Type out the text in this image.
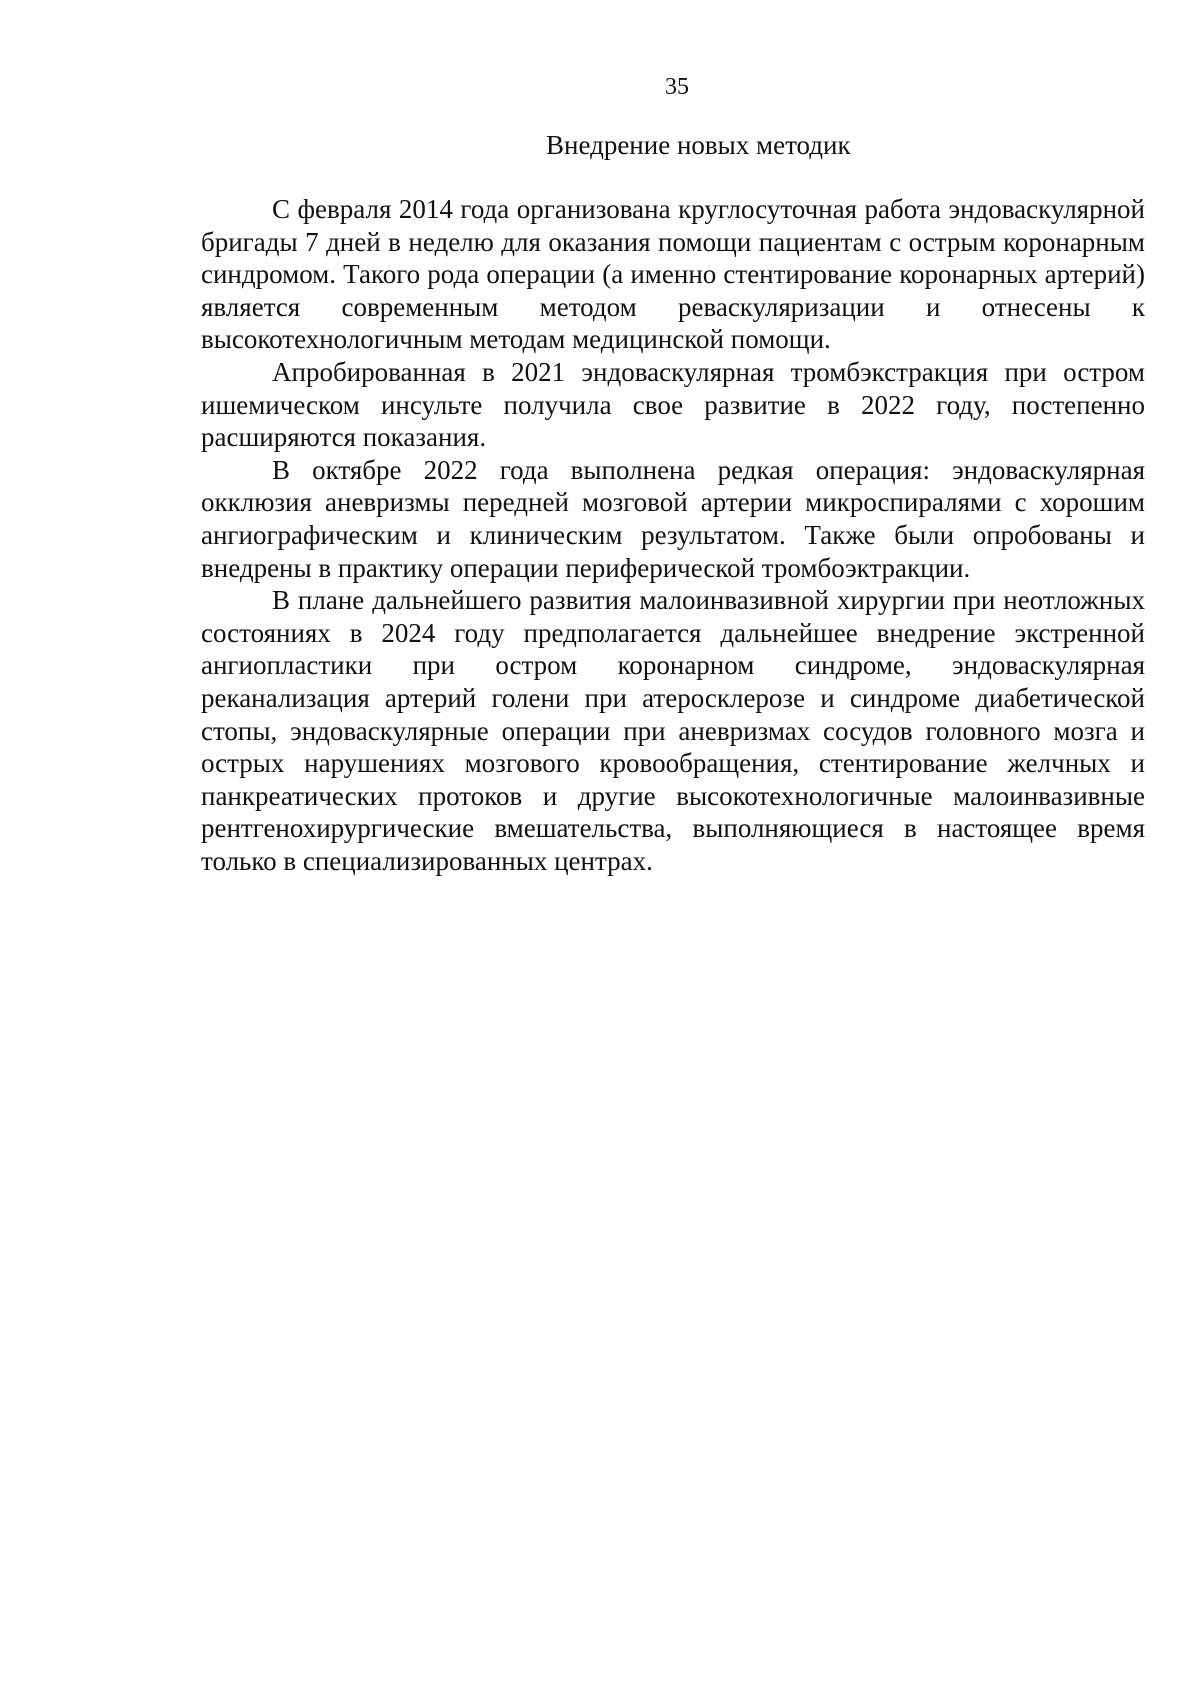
35
Внедрение новых методик

С февраля 2014 года организована круглосуточная работа эндоваскулярной бригады 7 дней в неделю для оказания помощи пациентам с острым коронарным синдромом. Такого рода операции (а именно стентирование коронарных артерий) является современным методом реваскуляризации и отнесены к высокотехнологичным методам медицинской помощи.

Апробированная в 2021 эндоваскулярная тромбэкстракция при остром ишемическом инсульте получила свое развитие в 2022 году, постепенно расширяются показания.

В октябре 2022 года выполнена редкая операция: эндоваскулярная окклюзия аневризмы передней мозговой артерии микроспиралями с хорошим ангиографическим и клиническим результатом. Также были опробованы и внедрены в практику операции периферической тромбоэктракции.

В плане дальнейшего развития малоинвазивной хирургии при неотложных состояниях в 2024 году предполагается дальнейшее внедрение экстренной ангиопластики при остром коронарном синдроме, эндоваскулярная реканализация артерий голени при атеросклерозе и синдроме диабетической стопы, эндоваскулярные операции при аневризмах сосудов головного мозга и острых нарушениях мозгового кровообращения, стентирование желчных и панкреатических протоков и другие высокотехнологичные малоинвазивные рентгенохирургические вмешательства, выполняющиеся в настоящее время только в специализированных центрах.
